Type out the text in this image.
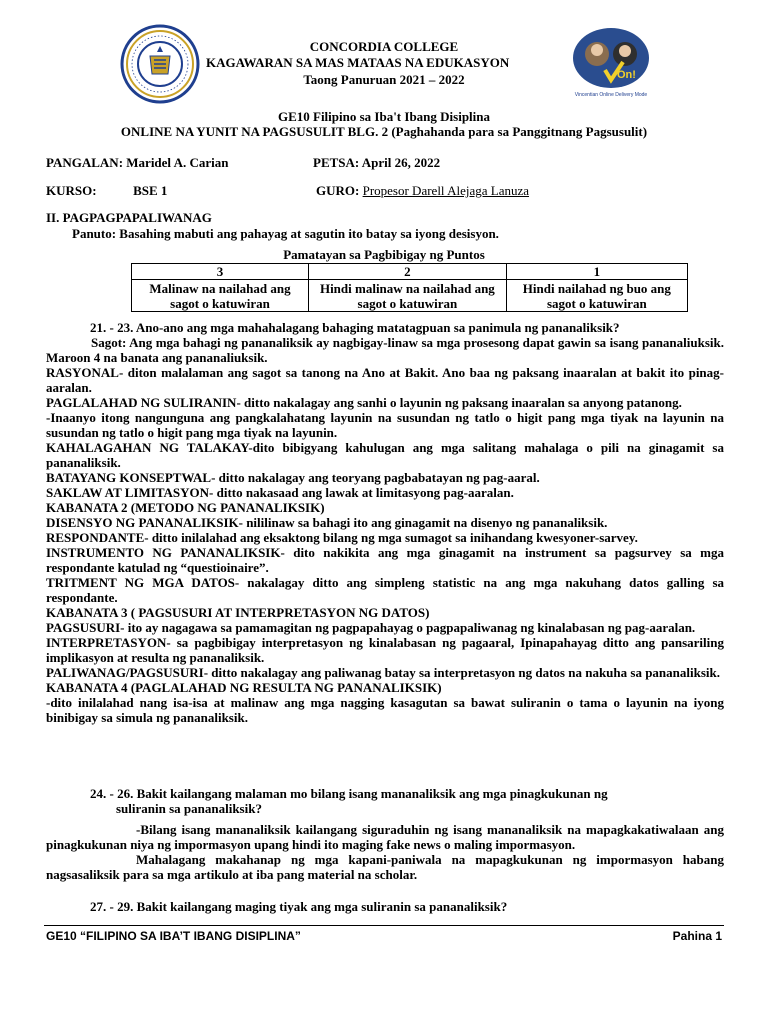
On!
Vincentian Online Delivery Mode
CONCORDIA COLLEGE
KAGAWARAN SA MAS MATAAS NA EDUKASYON
Taong Panuruan 2021 – 2022
GE10 Filipino sa Iba't Ibang Disiplina
ONLINE NA YUNIT NA PAGSUSULIT BLG. 2 (Paghahanda para sa Panggitnang Pagsusulit)
PANGALAN: Maridel A. Carian	PETSA: April 26, 2022
KURSO:	BSE 1	GURO: Propesor Darell Alejaga Lanuza
II. PAGPAGPAPALIWANAG
Panuto: Basahing mabuti ang pahayag at sagutin ito batay sa iyong desisyon.
Pamatayan sa Pagbibigay ng Puntos
3	2	1
Malinaw na nailahad ang sagot o katuwiran	Hindi malinaw na nailahad ang sagot o katuwiran	Hindi nailahad ng buo ang sagot o katuwiran
21. - 23. Ano-ano ang mga mahahalagang bahaging matatagpuan sa panimula ng pananaliksik?

Sagot: Ang mga bahagi ng pananaliksik ay nagbigay-linaw sa mga prosesong dapat gawin sa isang pananaliuksik. Maroon 4 na banata ang pananaliuksik.

RASYONAL- diton malalaman ang sagot sa tanong na Ano at Bakit. Ano baa ng paksang inaaralan at bakit ito pinag-aaralan.

PAGLALAHAD NG SULIRANIN- ditto nakalagay ang sanhi o layunin ng paksang inaaralan sa anyong patanong.

-Inaanyo itong nangunguna ang pangkalahatang layunin na susundan ng tatlo o higit pang mga tiyak na layunin na susundan ng tatlo o higit pang mga tiyak na layunin.

KAHALAGAHAN NG TALAKAY-dito bibigyang kahulugan ang mga salitang mahalaga o pili na ginagamit sa pananaliksik.

BATAYANG KONSEPTWAL- ditto nakalagay ang teoryang pagbabatayan ng pag-aaral.

SAKLAW AT LIMITASYON- ditto nakasaad ang lawak at limitasyong pag-aaralan.

KABANATA 2 (METODO NG PANANALIKSIK)

DISENSYO NG PANANALIKSIK- nililinaw sa bahagi ito ang ginagamit na disenyo ng pananaliksik.

RESPONDANTE- ditto inilalahad ang eksaktong bilang ng mga sumagot sa inihandang kwesyoner-sarvey.

INSTRUMENTO NG PANANALIKSIK- dito nakikita ang mga ginagamit na instrument sa pagsurvey sa mga respondante katulad ng “questioinaire”.

TRITMENT NG MGA DATOS- nakalagay ditto ang simpleng statistic na ang mga nakuhang datos galling sa respondante.

KABANATA 3 ( PAGSUSURI AT INTERPRETASYON NG DATOS)

PAGSUSURI- ito ay nagagawa sa pamamagitan ng pagpapahayag o pagpapaliwanag ng kinalabasan ng pag-aaralan.

INTERPRETASYON- sa pagbibigay interpretasyon ng kinalabasan ng pagaaral, Ipinapahayag ditto ang pansariling implikasyon at resulta ng pananaliksik.

PALIWANAG/PAGSUSURI- ditto nakalagay ang paliwanag batay sa interpretasyon ng datos na nakuha sa pananaliksik.

KABANATA 4 (PAGLALAHAD NG RESULTA NG PANANALIKSIK)

-dito inilalahad nang isa-isa at malinaw ang mga nagging kasagutan sa bawat suliranin o tama o layunin na iyong binibigay sa simula ng pananaliksik.

24. - 26. Bakit kailangang malaman mo bilang isang mananaliksik ang mga pinagkukunan ng
suliranin sa pananaliksik?

-Bilang isang mananaliksik kailangang siguraduhin ng isang mananaliksik na mapagkakatiwalaan ang pinagkukunan niya ng impormasyon upang hindi ito maging fake news o maling impormasyon.

Mahalagang makahanap ng mga kapani-paniwala na mapagkukunan ng impormasyon habang nagsasaliksik para sa mga artikulo at iba pang material na scholar.

27. - 29. Bakit kailangang maging tiyak ang mga suliranin sa pananaliksik?
GE10 “FILIPINO SA IBA’T IBANG DISIPLINA”	Pahina 1
